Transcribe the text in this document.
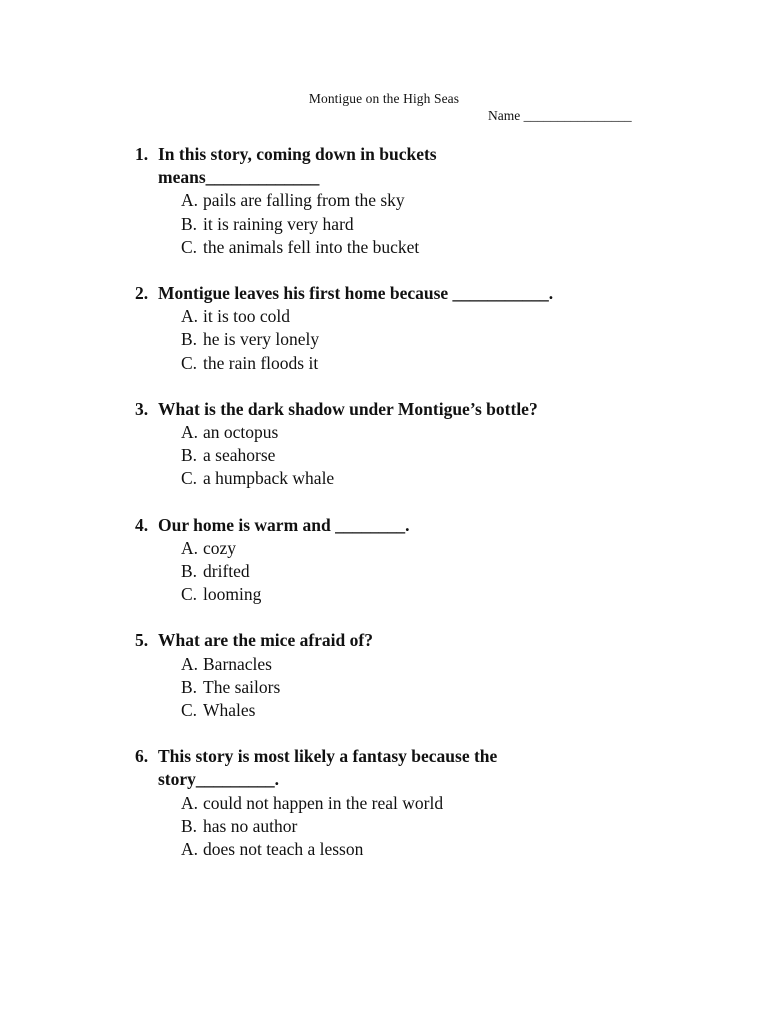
Montigue on the High Seas
Name ________________
1. In this story, coming down in buckets means_____________
A. pails are falling from the sky
B. it is raining very hard
C. the animals fell into the bucket
2. Montigue leaves his first home because ___________.
A. it is too cold
B. he is very lonely
C. the rain floods it
3. What is the dark shadow under Montigue’s bottle?
A. an octopus
B. a seahorse
C. a humpback whale
4. Our home is warm and ________.
A. cozy
B. drifted
C. looming
5. What are the mice afraid of?
A. Barnacles
B. The sailors
C. Whales
6. This story is most likely a fantasy because the story_________.
A. could not happen in the real world
B. has no author
A. does not teach a lesson
